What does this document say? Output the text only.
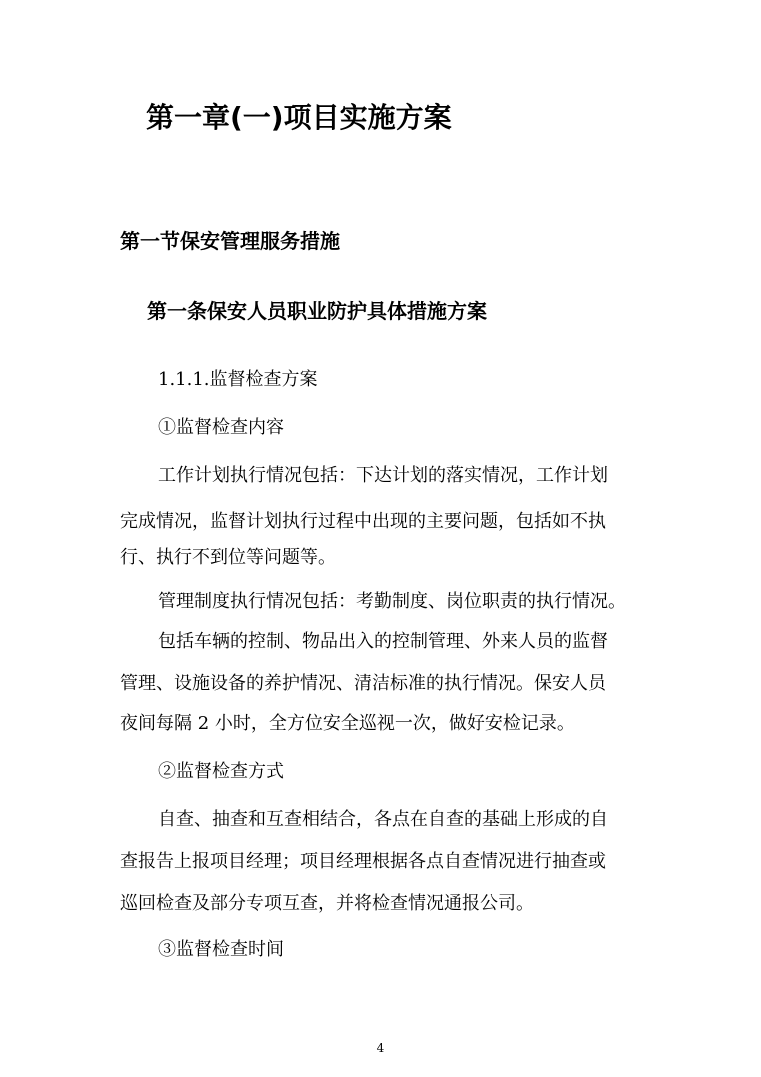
第一章(一)项目实施方案
第一节保安管理服务措施
第一条保安人员职业防护具体措施方案
1.1.1.监督检查方案
①监督检查内容
工作计划执行情况包括：下达计划的落实情况，工作计划
完成情况，监督计划执行过程中出现的主要问题，包括如不执
行、执行不到位等问题等。
管理制度执行情况包括：考勤制度、岗位职责的执行情况。
包括车辆的控制、物品出入的控制管理、外来人员的监督
管理、设施设备的养护情况、清洁标准的执行情况。保安人员
夜间每隔 2 小时，全方位安全巡视一次，做好安检记录。
②监督检查方式
自查、抽查和互查相结合，各点在自查的基础上形成的自
查报告上报项目经理；项目经理根据各点自查情况进行抽查或
巡回检查及部分专项互查，并将检查情况通报公司。
③监督检查时间
4
